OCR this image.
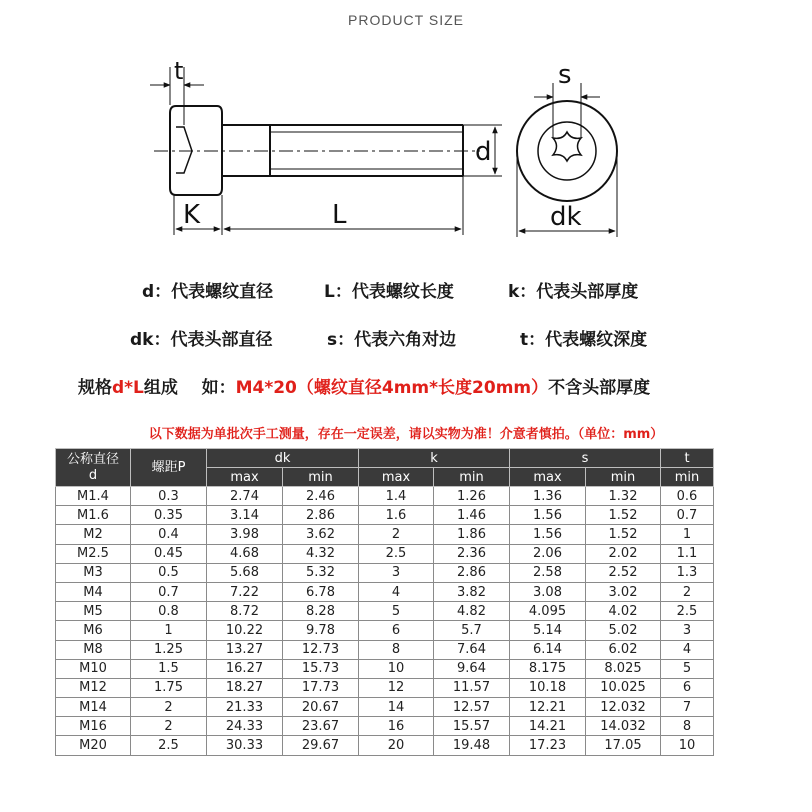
PRODUCT SIZE
t
K	L
d
s
dk
d：代表螺纹直径	L：代表螺纹长度	k：代表头部厚度
dk：代表头部直径	s：代表六角对边	t：代表螺纹深度
规格d*L组成    如：M4*20（螺纹直径4mm*长度20mm）不含头部厚度
以下数据为单批次手工测量，存在一定误差，请以实物为准！介意者慎拍。（单位：mm）
公称直径
d	螺距P	dk		k		s		t
		max	min	max	min	max	min	min
M1.4	0.3	2.74	2.46	1.4	1.26	1.36	1.32	0.6
M1.6	0.35	3.14	2.86	1.6	1.46	1.56	1.52	0.7
M2	0.4	3.98	3.62	2	1.86	1.56	1.52	1
M2.5	0.45	4.68	4.32	2.5	2.36	2.06	2.02	1.1
M3	0.5	5.68	5.32	3	2.86	2.58	2.52	1.3
M4	0.7	7.22	6.78	4	3.82	3.08	3.02	2
M5	0.8	8.72	8.28	5	4.82	4.095	4.02	2.5
M6	1	10.22	9.78	6	5.7	5.14	5.02	3
M8	1.25	13.27	12.73	8	7.64	6.14	6.02	4
M10	1.5	16.27	15.73	10	9.64	8.175	8.025	5
M12	1.75	18.27	17.73	12	11.57	10.18	10.025	6
M14	2	21.33	20.67	14	12.57	12.21	12.032	7
M16	2	24.33	23.67	16	15.57	14.21	14.032	8
M20	2.5	30.33	29.67	20	19.48	17.23	17.05	10
